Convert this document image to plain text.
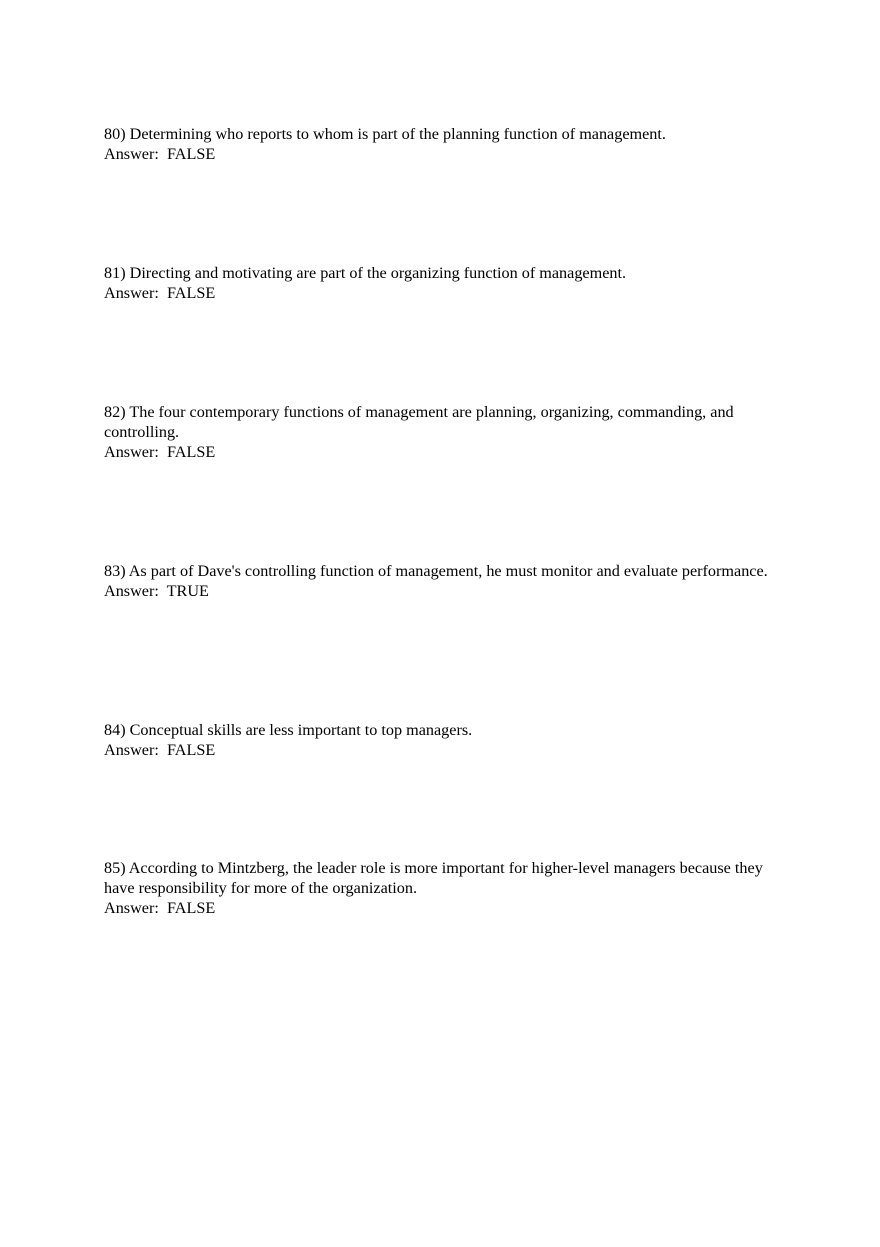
80) Determining who reports to whom is part of the planning function of management.
Answer: FALSE
81) Directing and motivating are part of the organizing function of management.
Answer: FALSE
82) The four contemporary functions of management are planning, organizing, commanding, and controlling.
Answer: FALSE
83) As part of Dave's controlling function of management, he must monitor and evaluate performance.
Answer: TRUE
84) Conceptual skills are less important to top managers.
Answer: FALSE
85) According to Mintzberg, the leader role is more important for higher-level managers because they have responsibility for more of the organization.
Answer: FALSE
